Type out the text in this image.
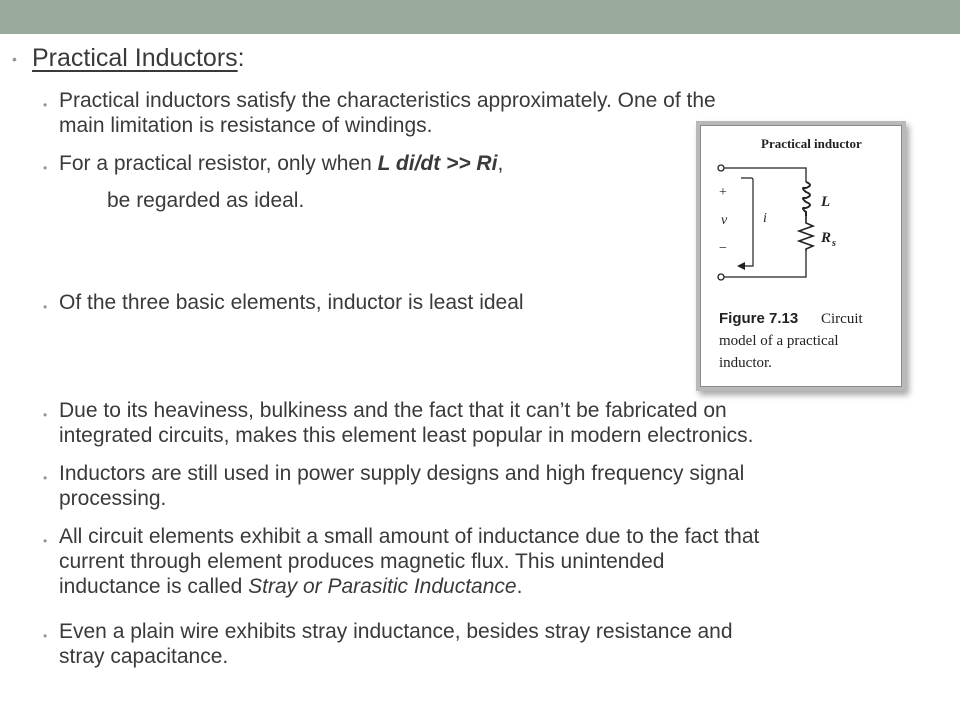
• Practical Inductors:
• Practical inductors satisfy the characteristics approximately. One of the
main limitation is resistance of windings.
• For a practical resistor, only when L di/dt >> Ri,
be regarded as ideal.
• Of the three basic elements, inductor is least ideal
• Due to its heaviness, bulkiness and the fact that it can’t be fabricated on
integrated circuits, makes this element least popular in modern electronics.
• Inductors are still used in power supply designs and high frequency signal
processing.
• All circuit elements exhibit a small amount of inductance due to the fact that
current through element produces magnetic flux. This unintended
inductance is called Stray or Parasitic Inductance.
• Even a plain wire exhibits stray inductance, besides stray resistance and
stray capacitance.
Practical inductor
+
v
−
i
L
R s
Figure 7.13 Circuit
model of a practical
inductor.
